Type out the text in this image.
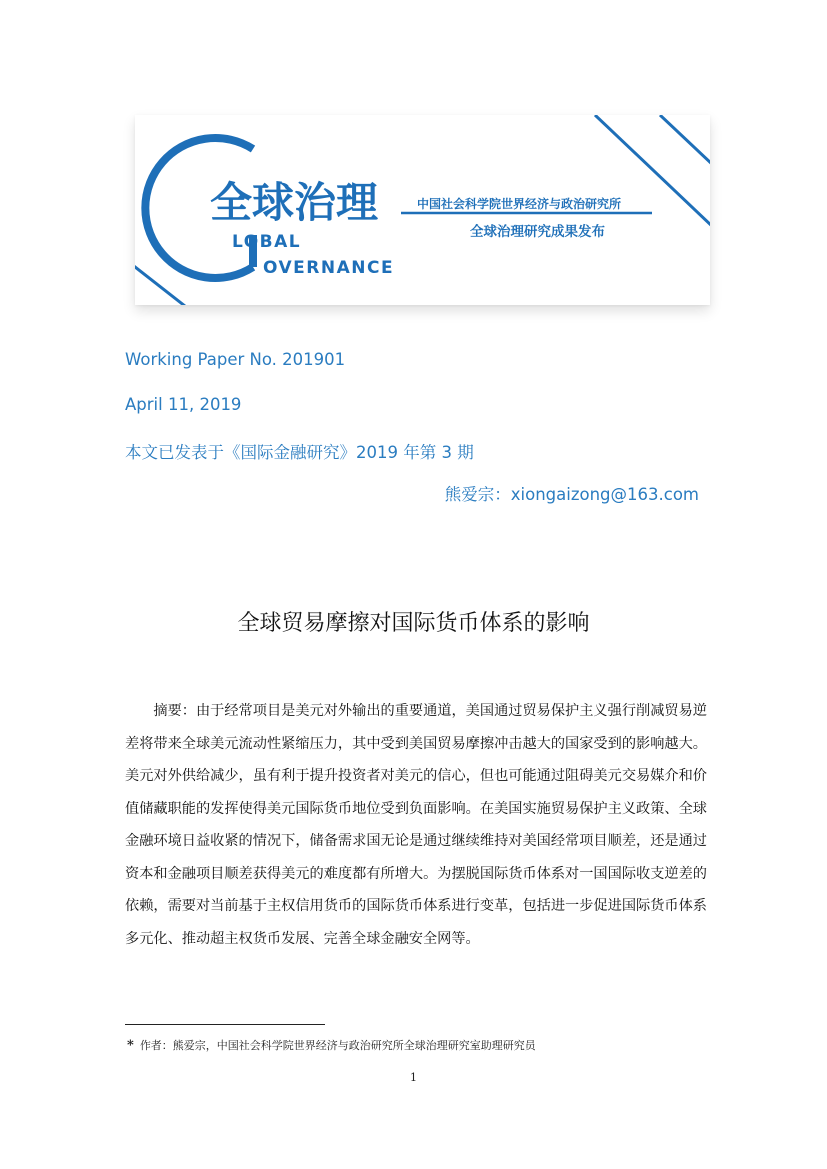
全球治理	中国社会科学院世界经济与政治研究所
全球治理研究成果发布
LOBAL
OVERNANCE
Working Paper No. 201901
April 11, 2019
本文已发表于《国际金融研究》2019 年第 3 期
熊爱宗：xiongaizong@163.com
全球贸易摩擦对国际货币体系的影响
摘要：由于经常项目是美元对外输出的重要通道，美国通过贸易保护主义强行削减贸易逆差将带来全球美元流动性紧缩压力，其中受到美国贸易摩擦冲击越大的国家受到的影响越大。美元对外供给减少，虽有利于提升投资者对美元的信心，但也可能通过阻碍美元交易媒介和价值储藏职能的发挥使得美元国际货币地位受到负面影响。在美国实施贸易保护主义政策、全球金融环境日益收紧的情况下，储备需求国无论是通过继续维持对美国经常项目顺差，还是通过资本和金融项目顺差获得美元的难度都有所增大。为摆脱国际货币体系对一国国际收支逆差的依赖，需要对当前基于主权信用货币的国际货币体系进行变革，包括进一步促进国际货币体系多元化、推动超主权货币发展、完善全球金融安全网等。
* 作者：熊爱宗，中国社会科学院世界经济与政治研究所全球治理研究室助理研究员
1
